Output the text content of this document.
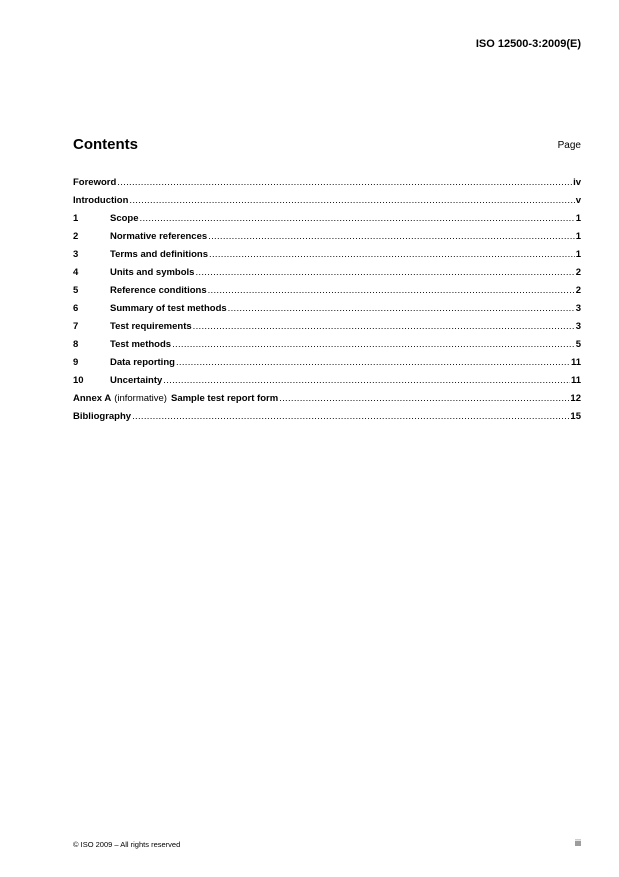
ISO 12500-3:2009(E)
Contents	Page
Foreword .....	iv
Introduction .....	v
1	Scope .....	1
2	Normative references .....	1
3	Terms and definitions .....	1
4	Units and symbols .....	2
5	Reference conditions .....	2
6	Summary of test methods .....	3
7	Test requirements .....	3
8	Test methods .....	5
9	Data reporting .....	11
10	Uncertainty .....	11
Annex A (informative) Sample test report form .....	12
Bibliography .....	15
© ISO 2009 – All rights reserved	iii
